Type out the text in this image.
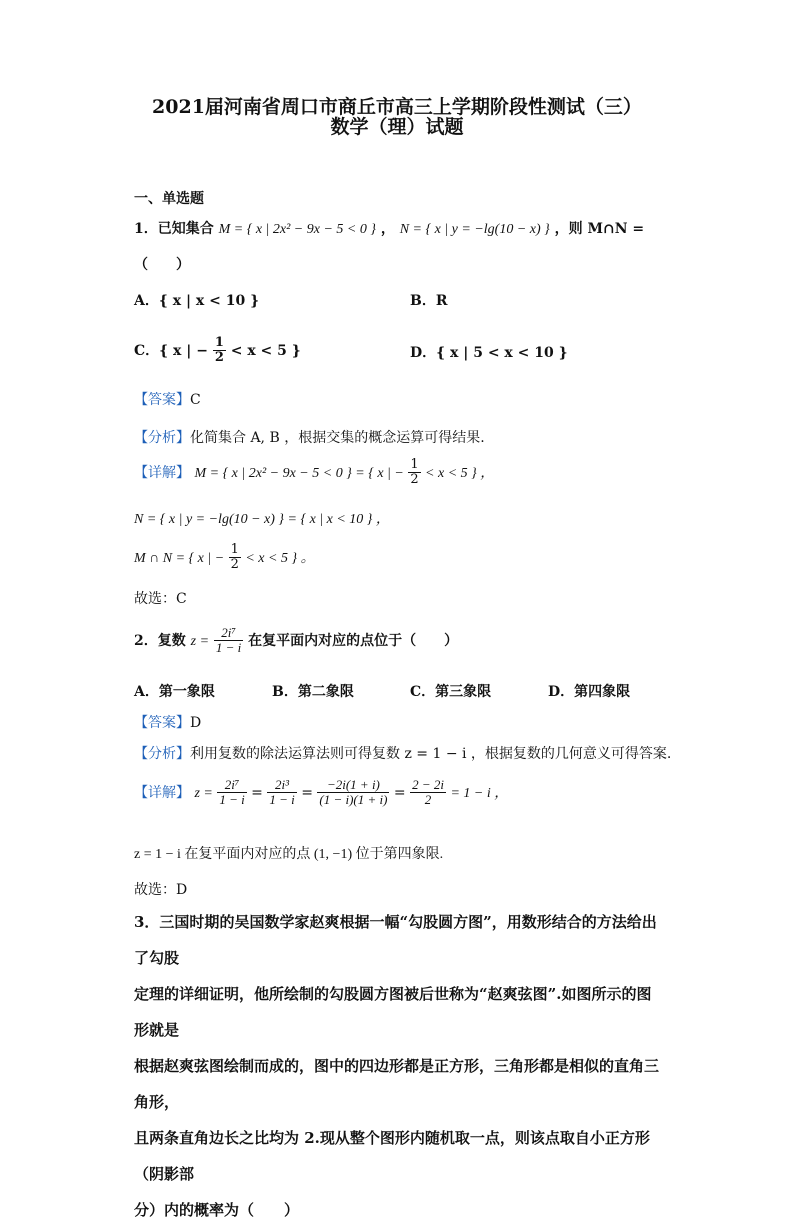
2021届河南省周口市商丘市高三上学期阶段性测试（三）
数学（理）试题
一、单选题
1．已知集合 M = { x | 2x² − 9x − 5 < 0 } ， N = { x | y = −lg(10 − x) } ，则 M∩N =
（　　）
A．{ x | x < 10 }	B．R
C．{ x | − $\frac{1}{2} < x < 5$ }	D．{ x | 5 < x < 10 }
【答案】C
【分析】化简集合 A, B ，根据交集的概念运算可得结果.
【详解】 M = { x | 2x² − 9x − 5 < 0 } = { x | − $\frac{1}{2} < x < 5$ } ，
N = { x | y = −lg(10 − x) } = { x | x < 10 } ，
M ∩ N = { x | − $\frac{1}{2} < x < 5$ } 。
故选：C
2．复数 $z = \frac{\text{2i⁷}}{1 - i}$ 在复平面内对应的点位于（　　）
A．第一象限	B．第二象限	C．第三象限	D．第四象限
【答案】D
【分析】利用复数的除法运算法则可得复数 z = 1 − i ，根据复数的几何意义可得答案.
【详解】 $z = \frac{\text{2i⁷}}{1 - i} = \frac{\text{2i³}}{1 - i} = \frac{-2i(1 + i)}{(1 - i)(1 + i)} = \frac{2 - 2i}{2} = 1 - i$ ，
z = 1 − i 在复平面内对应的点 (1, −1) 位于第四象限.
故选：D
3．三国时期的吴国数学家赵爽根据一幅“勾股圆方图”，用数形结合的方法给出了勾股
定理的详细证明，他所绘制的勾股圆方图被后世称为“赵爽弦图”.如图所示的图形就是
根据赵爽弦图绘制而成的，图中的四边形都是正方形，三角形都是相似的直角三角形，
且两条直角边长之比均为 2.现从整个图形内随机取一点，则该点取自小正方形（阴影部
分）内的概率为（　　）
